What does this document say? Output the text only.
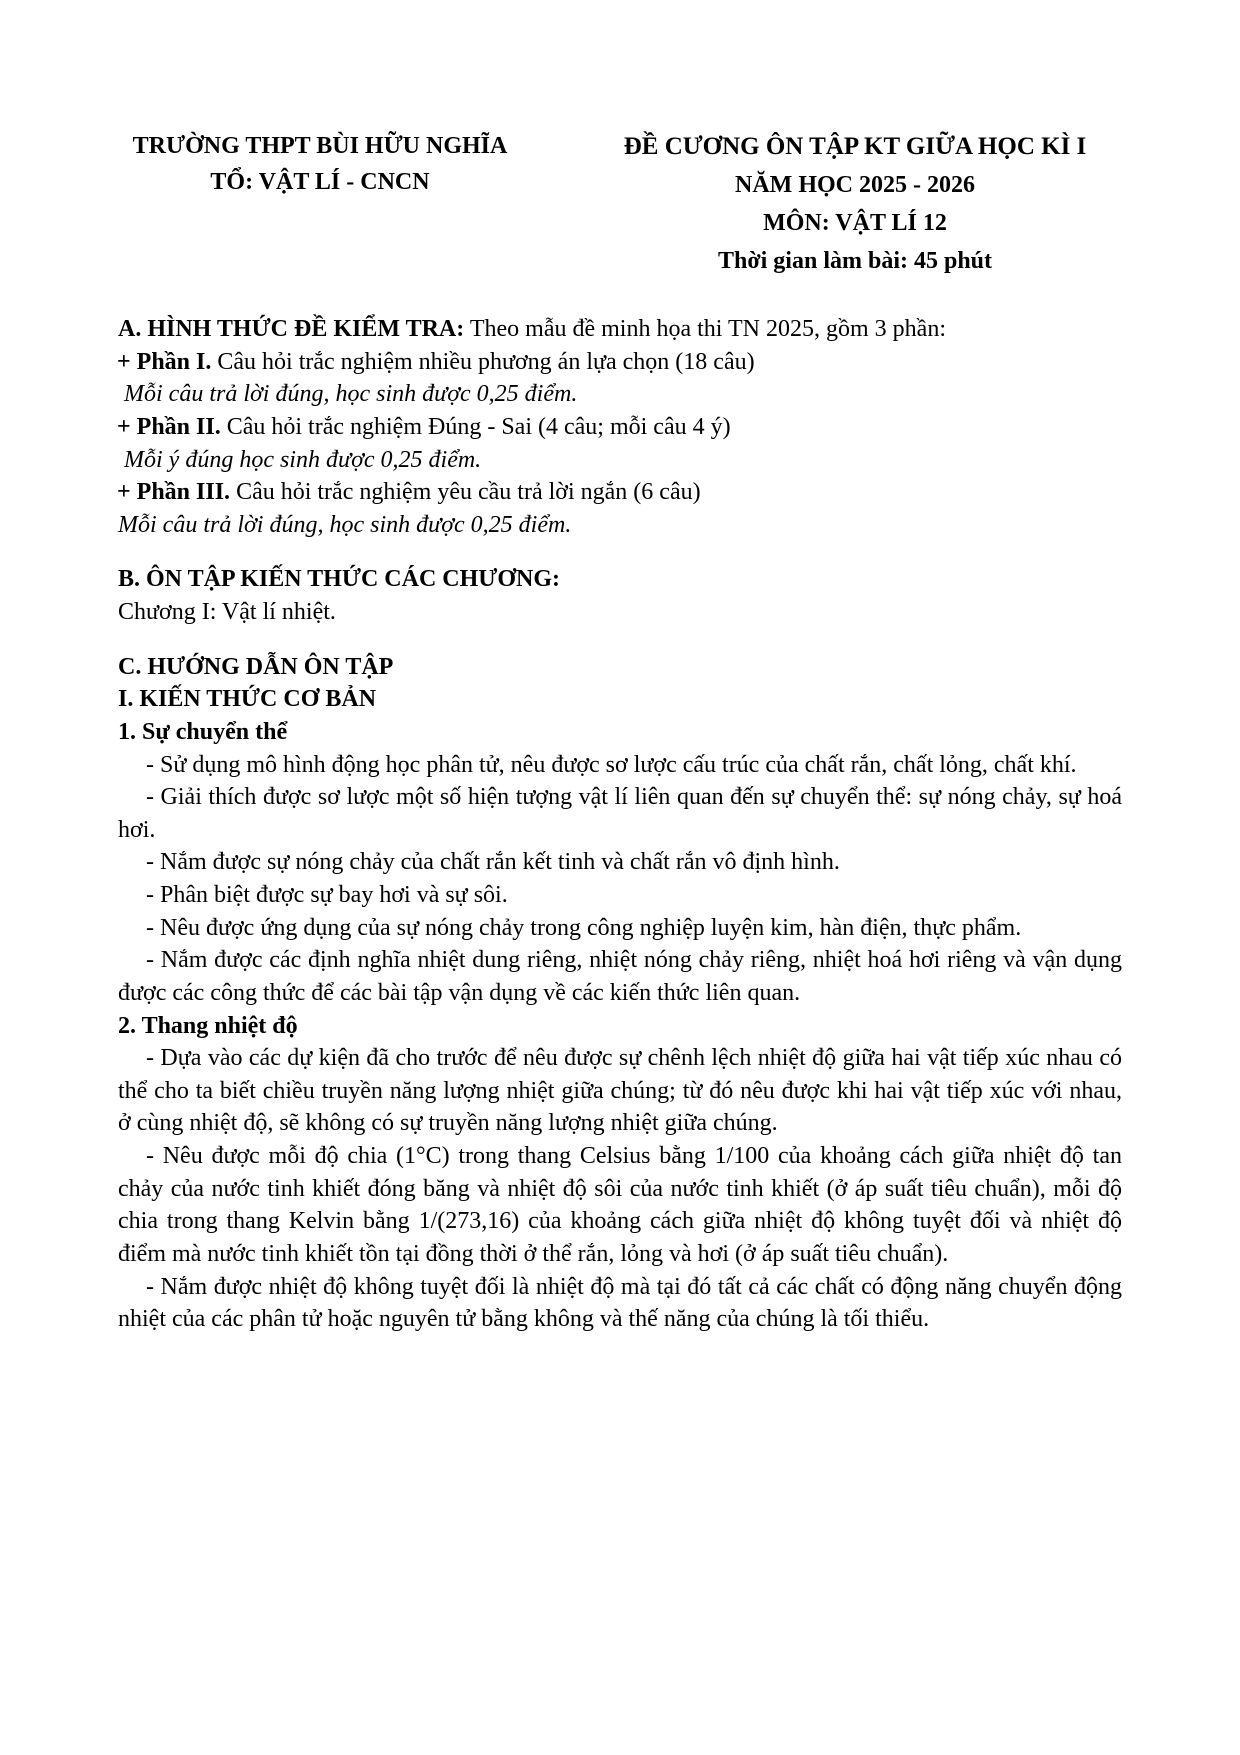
TRƯỜNG THPT BÙI HỮU NGHĨA
TỔ: VẬT LÍ - CNCN
ĐỀ CƯƠNG ÔN TẬP KT GIỮA HỌC KÌ I
NĂM HỌC 2025 - 2026
MÔN: VẬT LÍ 12
Thời gian làm bài: 45 phút

A. HÌNH THỨC ĐỀ KIỂM TRA: Theo mẫu đề minh họa thi TN 2025, gồm 3 phần:

+ Phần I. Câu hỏi trắc nghiệm nhiều phương án lựa chọn (18 câu)

Mỗi câu trả lời đúng, học sinh được 0,25 điểm.

+ Phần II. Câu hỏi trắc nghiệm Đúng - Sai (4 câu; mỗi câu 4 ý)

Mỗi ý đúng học sinh được 0,25 điểm.

+ Phần III. Câu hỏi trắc nghiệm yêu cầu trả lời ngắn (6 câu)

Mỗi câu trả lời đúng, học sinh được 0,25 điểm.

B. ÔN TẬP KIẾN THỨC CÁC CHƯƠNG:

Chương I: Vật lí nhiệt.

C. HƯỚNG DẪN ÔN TẬP

I. KIẾN THỨC CƠ BẢN

1. Sự chuyển thể

- Sử dụng mô hình động học phân tử, nêu được sơ lược cấu trúc của chất rắn, chất lỏng, chất khí.

- Giải thích được sơ lược một số hiện tượng vật lí liên quan đến sự chuyển thể: sự nóng chảy, sự hoá hơi.

- Nắm được sự nóng chảy của chất rắn kết tinh và chất rắn vô định hình.

- Phân biệt được sự bay hơi và sự sôi.

- Nêu được ứng dụng của sự nóng chảy trong công nghiệp luyện kim, hàn điện, thực phẩm.

- Nắm được các định nghĩa nhiệt dung riêng, nhiệt nóng chảy riêng, nhiệt hoá hơi riêng và vận dụng được các công thức để các bài tập vận dụng về các kiến thức liên quan.

2. Thang nhiệt độ

- Dựa vào các dự kiện đã cho trước để nêu được sự chênh lệch nhiệt độ giữa hai vật tiếp xúc nhau có thể cho ta biết chiều truyền năng lượng nhiệt giữa chúng; từ đó nêu được khi hai vật tiếp xúc với nhau, ở cùng nhiệt độ, sẽ không có sự truyền năng lượng nhiệt giữa chúng.

- Nêu được mỗi độ chia (1°C) trong thang Celsius bằng 1/100 của khoảng cách giữa nhiệt độ tan chảy của nước tinh khiết đóng băng và nhiệt độ sôi của nước tinh khiết (ở áp suất tiêu chuẩn), mỗi độ chia trong thang Kelvin bằng 1/(273,16) của khoảng cách giữa nhiệt độ không tuyệt đối và nhiệt độ điểm mà nước tinh khiết tồn tại đồng thời ở thể rắn, lỏng và hơi (ở áp suất tiêu chuẩn).

- Nắm được nhiệt độ không tuyệt đối là nhiệt độ mà tại đó tất cả các chất có động năng chuyển động nhiệt của các phân tử hoặc nguyên tử bằng không và thế năng của chúng là tối thiểu.
